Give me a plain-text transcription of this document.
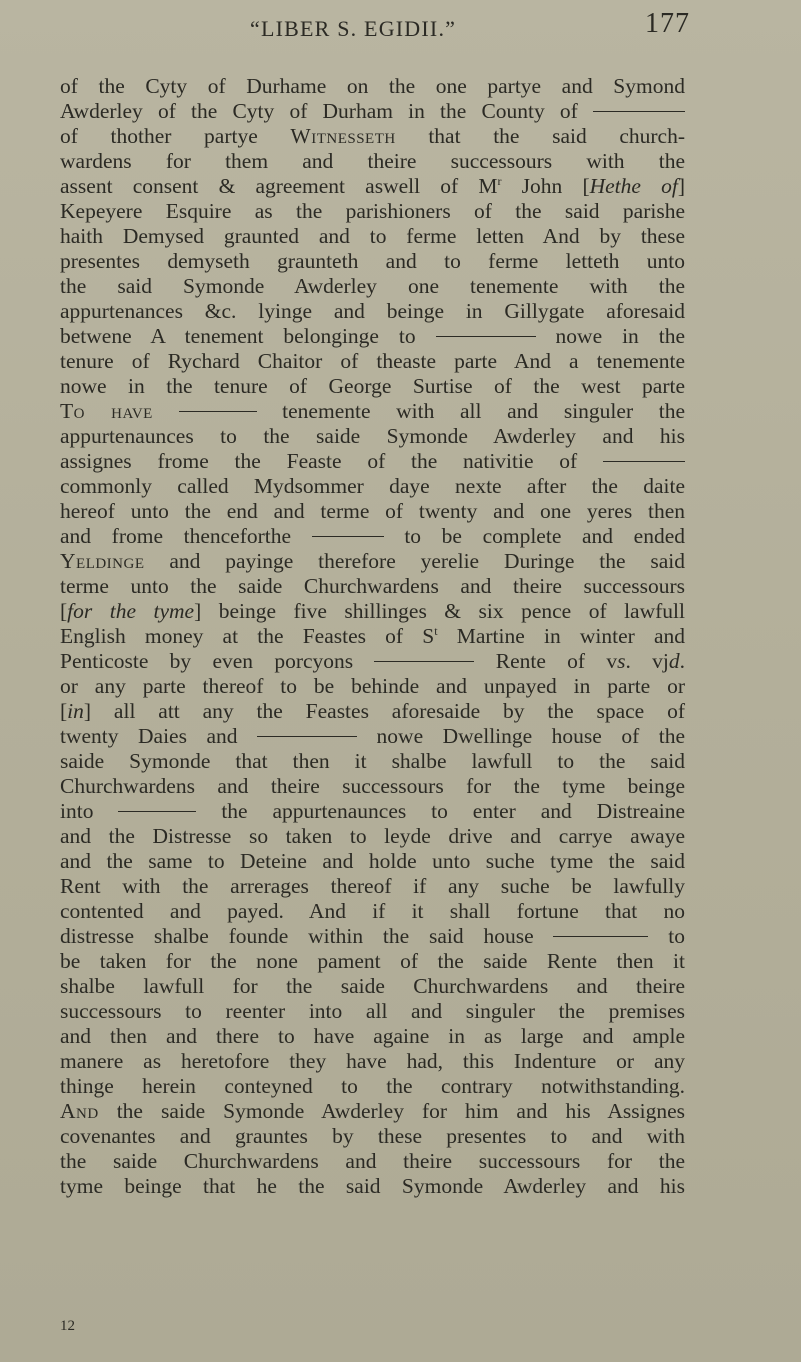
“LIBER S. EGIDII.”	177
of the Cyty of Durhame on the one partye and Symond
Awderley of the Cyty of Durham in the County of
of thother partye Witnesseth that the said church-
wardens for them and theire successours with the
assent consent & agreement aswell of $M^r$ John [Hethe of]
Kepeyere Esquire as the parishioners of the said parishe
haith Demysed graunted and to ferme letten And by these
presentes demyseth graunteth and to ferme letteth unto
the said Symonde Awderley one tenemente with the
appurtenances &c. lyinge and beinge in Gillygate aforesaid
betwene A tenement belonginge to	nowe in the
tenure of Rychard Chaitor of theaste parte And a tenemente
nowe in the tenure of George Surtise of the west parte
To have	tenemente with all and singuler the
appurtenaunces to the saide Symonde Awderley and his
assignes frome the Feaste of the nativitie of
commonly called Mydsommer daye nexte after the daite
hereof unto the end and terme of twenty and one yeres then
and frome thenceforthe	to be complete and ended
Yeldinge and payinge therefore yerelie Duringe the said
terme unto the saide Churchwardens and theire successours
[for the tyme] beinge five shillinges & six pence of lawfull
English money at the Feastes of $S^t$ Martine in winter and
Penticoste by even porcyons	Rente of vs. vjd.
or any parte thereof to be behinde and unpayed in parte or
[in] all att any the Feastes aforesaide by the space of
twenty Daies and	nowe Dwellinge house of the
saide Symonde that then it shalbe lawfull to the said
Churchwardens and theire successours for the tyme beinge
into	the appurtenaunces to enter and Distreaine
and the Distresse so taken to leyde drive and carrye awaye
and the same to Deteine and holde unto suche tyme the said
Rent with the arrerages thereof if any suche be lawfully
contented and payed. And if it shall fortune that no
distresse shalbe founde within the said house	to
be taken for the none pament of the saide Rente then it
shalbe lawfull for the saide Churchwardens and theire
successours to reenter into all and singuler the premises
and then and there to have againe in as large and ample
manere as heretofore they have had, this Indenture or any
thinge herein conteyned to the contrary notwithstanding.
And the saide Symonde Awderley for him and his Assignes
covenantes and grauntes by these presentes to and with
the saide Churchwardens and theire successours for the
tyme beinge that he the said Symonde Awderley and his
12
